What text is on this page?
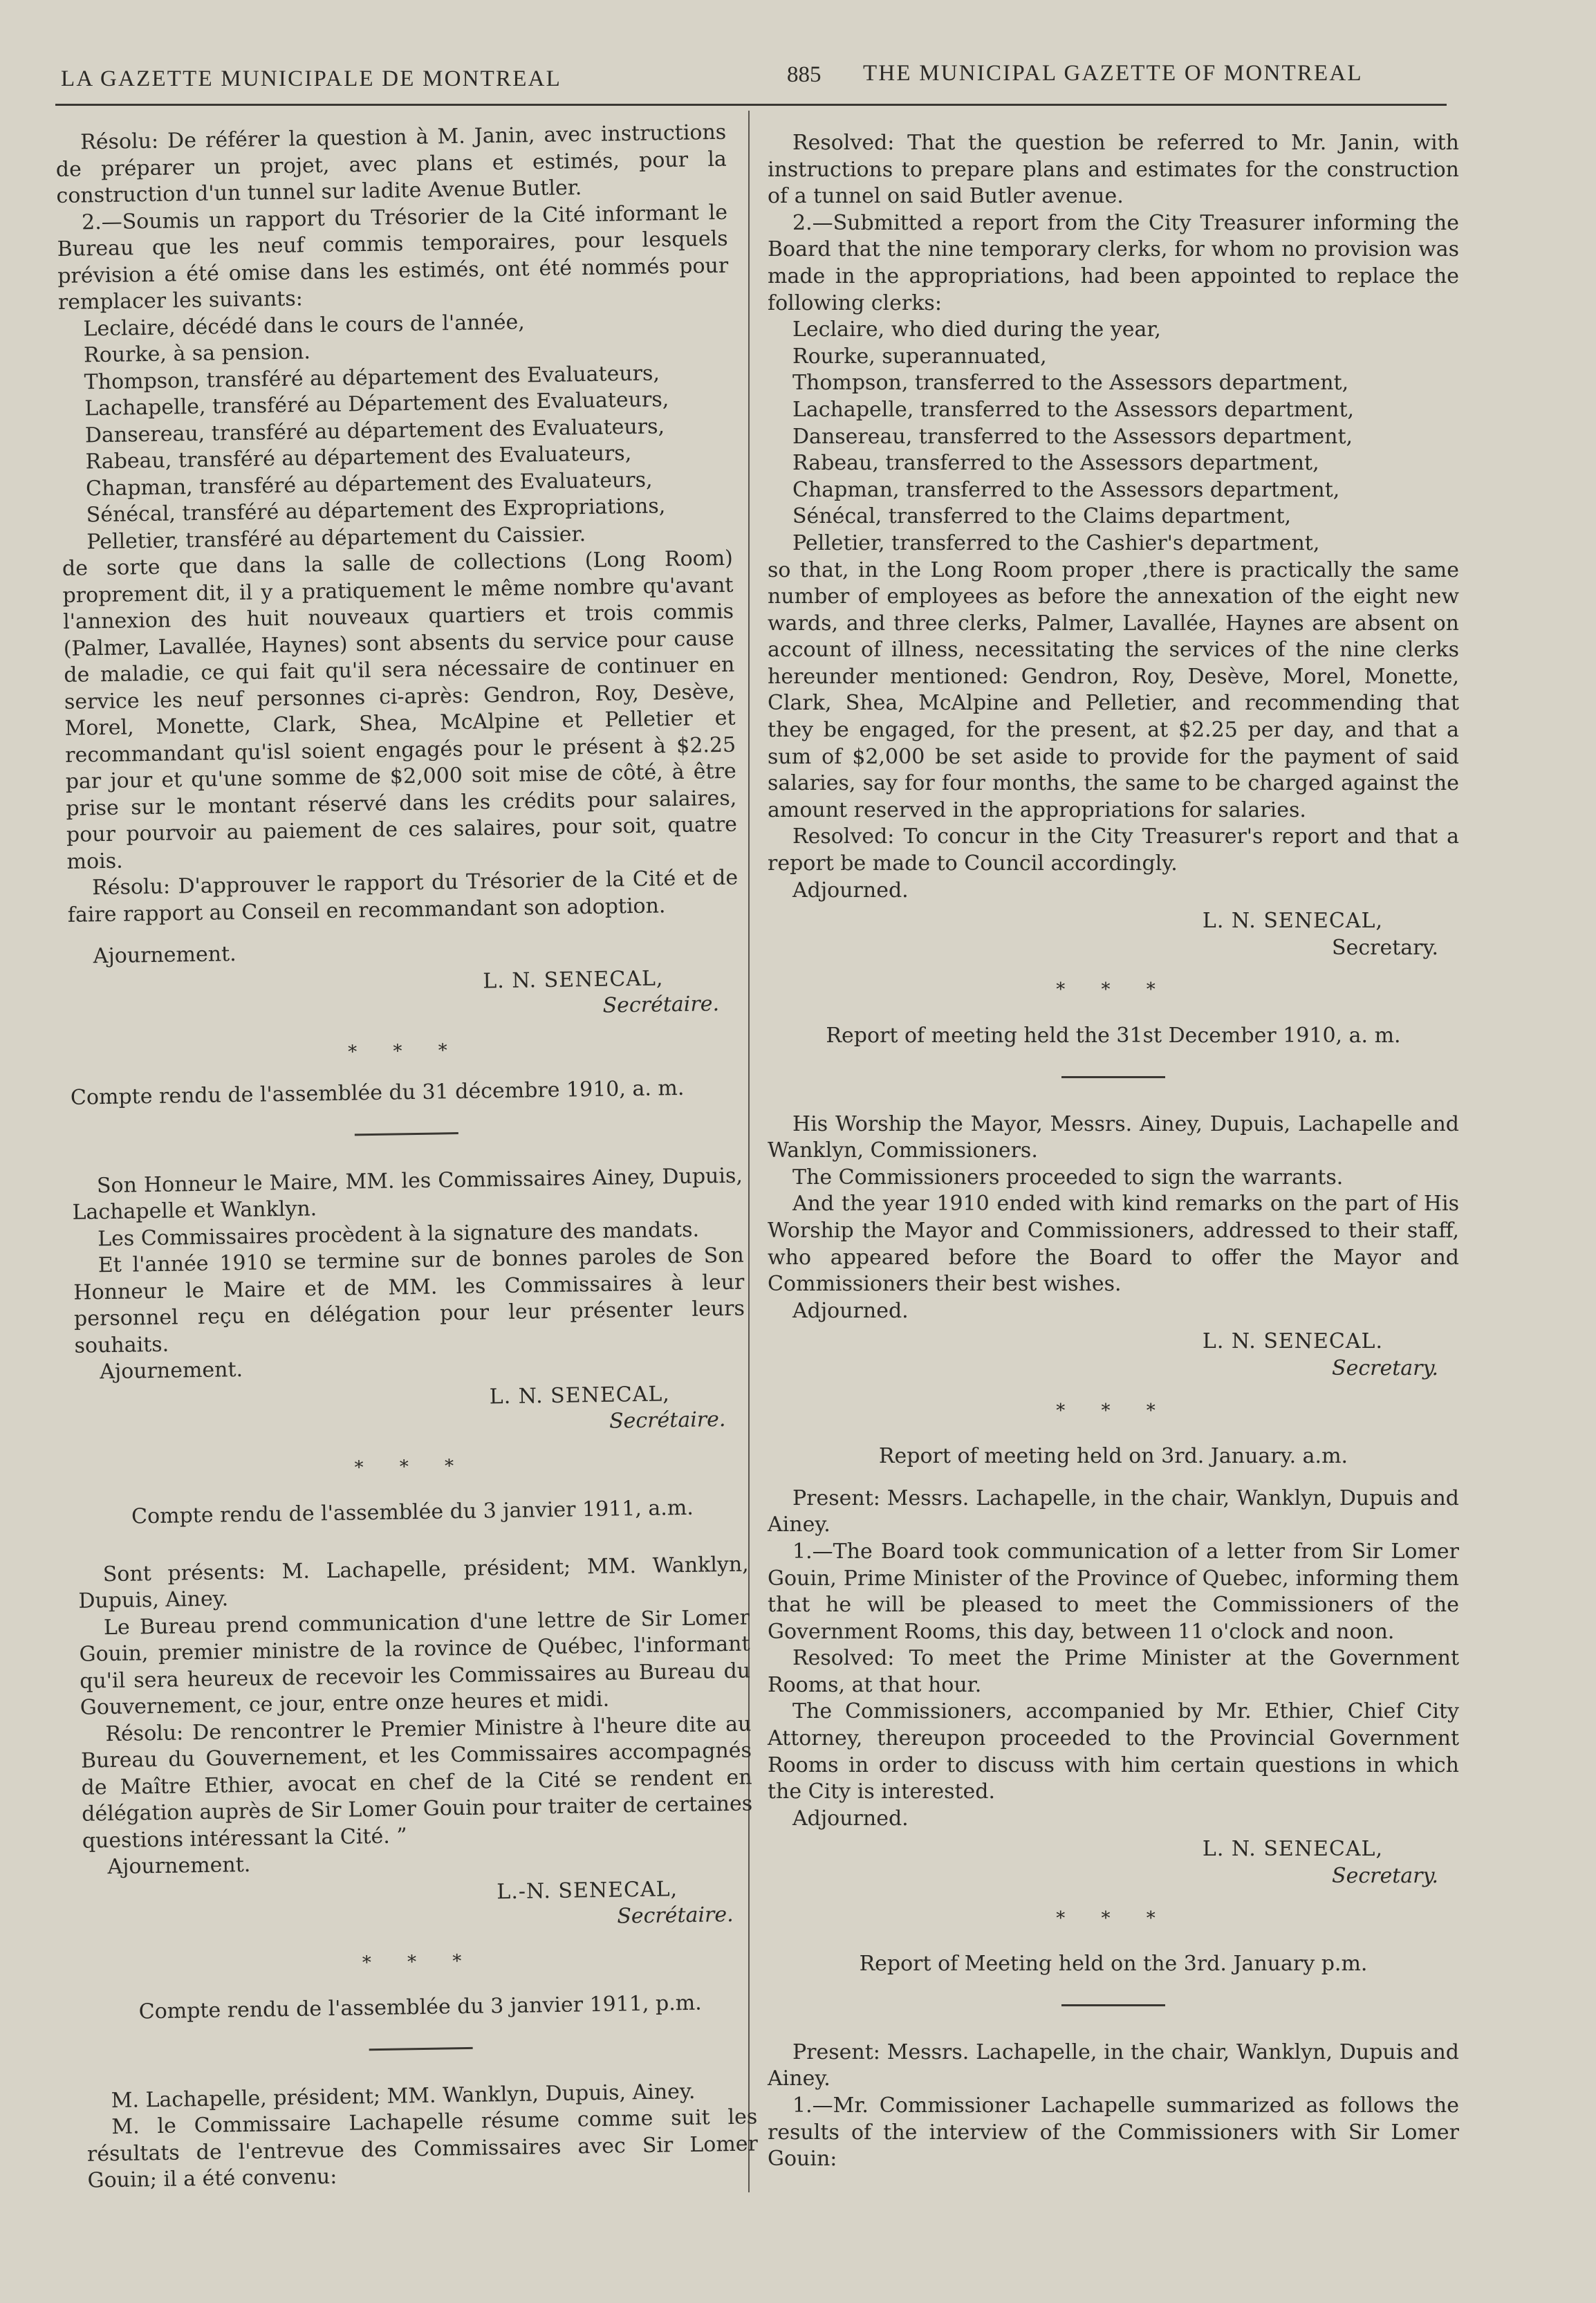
LA GAZETTE MUNICIPALE DE MONTREAL	885 THE MUNICIPAL GAZETTE OF MONTREAL

Résolu: De référer la question à M. Janin, avec instructions de préparer un projet, avec plans et estimés, pour la construction d'un tunnel sur ladite Avenue Butler.

2.—Soumis un rapport du Trésorier de la Cité informant le Bureau que les neuf commis temporaires, pour lesquels prévision a été omise dans les estimés, ont été nommés pour remplacer les suivants:

Leclaire, décédé dans le cours de l'année,

Rourke, à sa pension.

Thompson, transféré au département des Evaluateurs,

Lachapelle, transféré au Département des Evaluateurs,

Dansereau, transféré au département des Evaluateurs,

Rabeau, transféré au département des Evaluateurs,

Chapman, transféré au département des Evaluateurs,

Sénécal, transféré au département des Expropriations,

Pelletier, transféré au département du Caissier.

de sorte que dans la salle de collections (Long Room) proprement dit, il y a pratiquement le même nombre qu'avant l'annexion des huit nouveaux quartiers et trois commis (Palmer, Lavallée, Haynes) sont absents du service pour cause de maladie, ce qui fait qu'il sera nécessaire de continuer en service les neuf personnes ci-après: Gendron, Roy, Desève, Morel, Monette, Clark, Shea, McAlpine et Pelletier et recommandant qu'isl soient engagés pour le présent à $2.25 par jour et qu'une somme de $2,000 soit mise de côté, à être prise sur le montant réservé dans les crédits pour salaires, pour pourvoir au paiement de ces salaires, pour soit, quatre mois.

Résolu: D'approuver le rapport du Trésorier de la Cité et de faire rapport au Conseil en recommandant son adoption.

Ajournement.

L. N. SENECAL,
Secrétaire.
* * *

Compte rendu de l'assemblée du 31 décembre 1910, a. m.

Son Honneur le Maire, MM. les Commissaires Ainey, Dupuis, Lachapelle et Wanklyn.

Les Commissaires procèdent à la signature des mandats.

Et l'année 1910 se termine sur de bonnes paroles de Son Honneur le Maire et de MM. les Commissaires à leur personnel reçu en délégation pour leur présenter leurs souhaits.

Ajournement.

L. N. SENECAL,
Secrétaire.
* * *

Compte rendu de l'assemblée du 3 janvier 1911, a.m.

Sont présents: M. Lachapelle, président; MM. Wanklyn, Dupuis, Ainey.

Le Bureau prend communication d'une lettre de Sir Lomer Gouin, premier ministre de la rovince de Québec, l'informant qu'il sera heureux de recevoir les Commissaires au Bureau du Gouvernement, ce jour, entre onze heures et midi.

Résolu: De rencontrer le Premier Ministre à l'heure dite au Bureau du Gouvernement, et les Commissaires accompagnés de Maître Ethier, avocat en chef de la Cité se rendent en délégation auprès de Sir Lomer Gouin pour traiter de certaines questions intéressant la Cité. ”

Ajournement.

L.-N. SENECAL,
Secrétaire.
* * *

Compte rendu de l'assemblée du 3 janvier 1911, p.m.

M. Lachapelle, président; MM. Wanklyn, Dupuis, Ainey.

M. le Commissaire Lachapelle résume comme suit les résultats de l'entrevue des Commissaires avec Sir Lomer Gouin; il a été convenu:

Resolved: That the question be referred to Mr. Janin, with instructions to prepare plans and estimates for the construction of a tunnel on said Butler avenue.

2.—Submitted a report from the City Treasurer informing the Board that the nine temporary clerks, for whom no provision was made in the appropriations, had been appointed to replace the following clerks:

Leclaire, who died during the year,

Rourke, superannuated,

Thompson, transferred to the Assessors department,

Lachapelle, transferred to the Assessors department,

Dansereau, transferred to the Assessors department,

Rabeau, transferred to the Assessors department,

Chapman, transferred to the Assessors department,

Sénécal, transferred to the Claims department,

Pelletier, transferred to the Cashier's department,

so that, in the Long Room proper ,there is practically the same number of employees as before the annexation of the eight new wards, and three clerks, Palmer, Lavallée, Haynes are absent on account of illness, necessitating the services of the nine clerks hereunder mentioned: Gendron, Roy, Desève, Morel, Monette, Clark, Shea, McAlpine and Pelletier, and recommending that they be engaged, for the present, at $2.25 per day, and that a sum of $2,000 be set aside to provide for the payment of said salaries, say for four months, the same to be charged against the amount reserved in the appropriations for salaries.

Resolved: To concur in the City Treasurer's report and that a report be made to Council accordingly.

Adjourned.

L. N. SENECAL,
Secretary.
* * *

Report of meeting held the 31st December 1910, a. m.

His Worship the Mayor, Messrs. Ainey, Dupuis, Lachapelle and Wanklyn, Commissioners.

The Commissioners proceeded to sign the warrants.

And the year 1910 ended with kind remarks on the part of His Worship the Mayor and Commissioners, addressed to their staff, who appeared before the Board to offer the Mayor and Commissioners their best wishes.

Adjourned.

L. N. SENECAL.
Secretary.
* * *

Report of meeting held on 3rd. January. a.m.

Present: Messrs. Lachapelle, in the chair, Wanklyn, Dupuis and Ainey.

1.—The Board took communication of a letter from Sir Lomer Gouin, Prime Minister of the Province of Quebec, informing them that he will be pleased to meet the Commissioners of the Government Rooms, this day, between 11 o'clock and noon.

Resolved: To meet the Prime Minister at the Government Rooms, at that hour.

The Commissioners, accompanied by Mr. Ethier, Chief City Attorney, thereupon proceeded to the Provincial Government Rooms in order to discuss with him certain questions in which the City is interested.

Adjourned.

L. N. SENECAL,
Secretary.
* * *

Report of Meeting held on the 3rd. January p.m.

Present: Messrs. Lachapelle, in the chair, Wanklyn, Dupuis and Ainey.

1.—Mr. Commissioner Lachapelle summarized as follows the results of the interview of the Commissioners with Sir Lomer Gouin:
